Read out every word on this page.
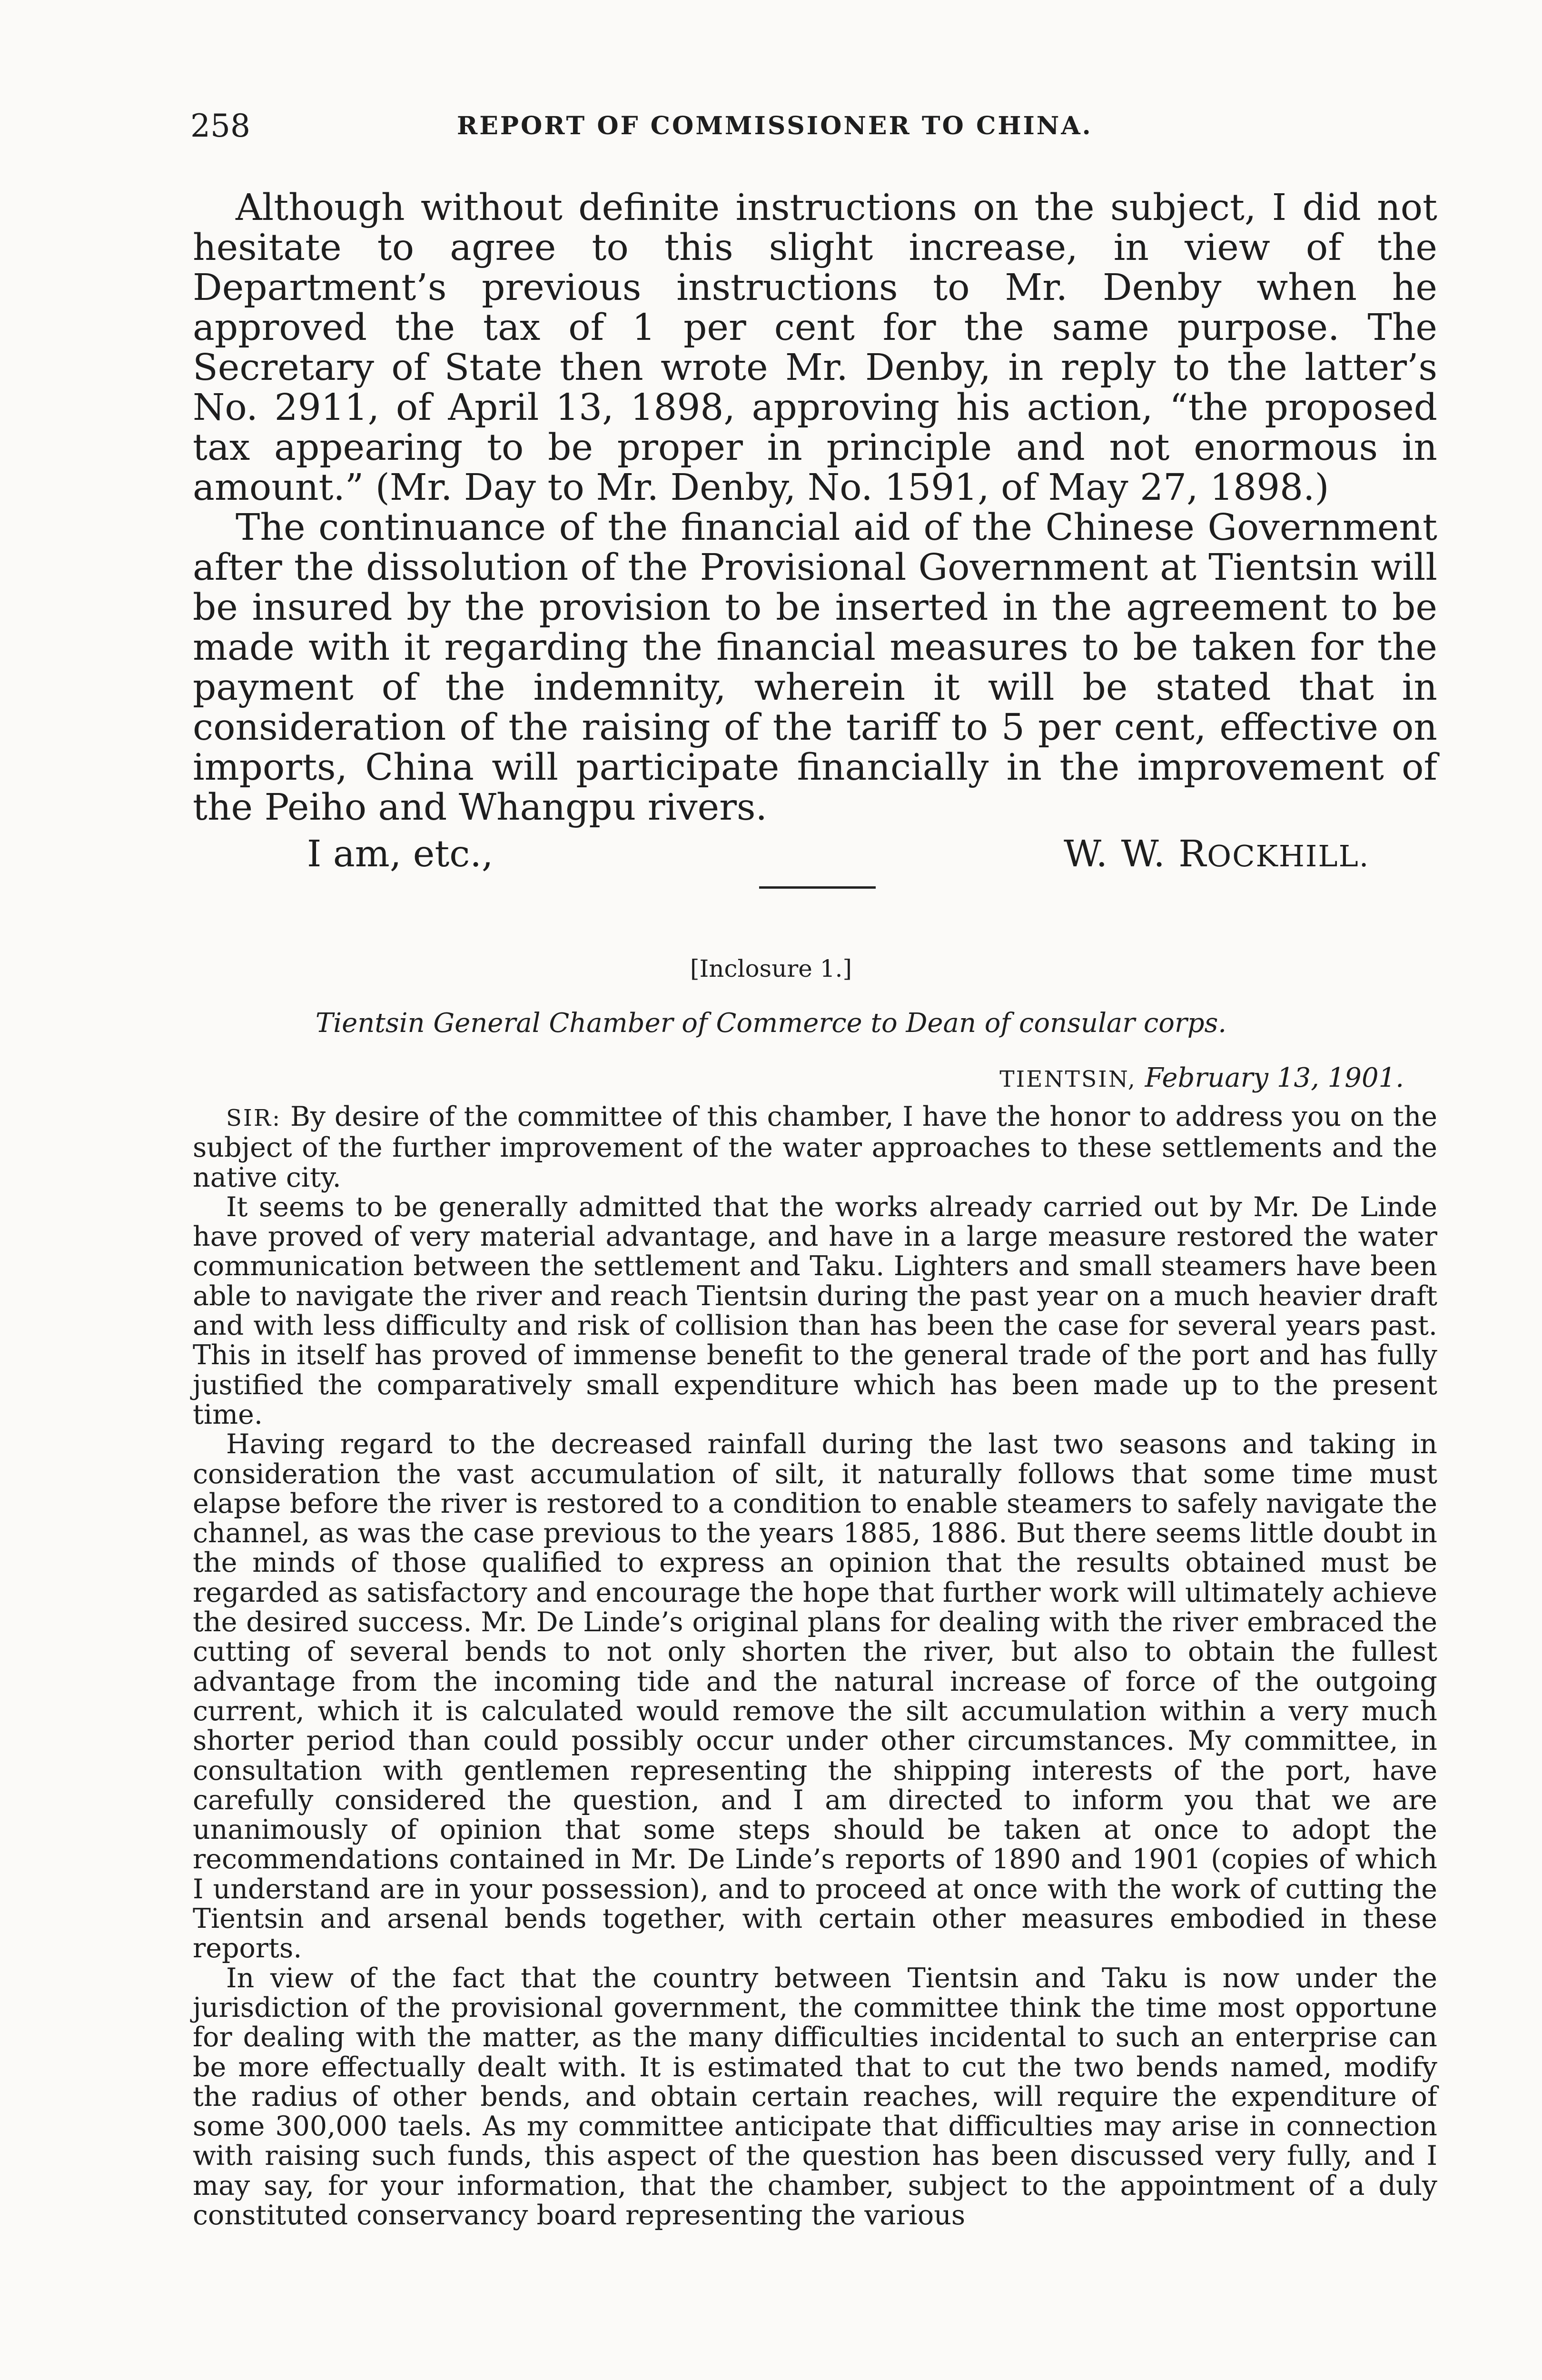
258	REPORT OF COMMISSIONER TO CHINA.

Although without definite instructions on the subject, I did not hesitate to agree to this slight increase, in view of the Department’s previous instructions to Mr. Denby when he approved the tax of 1 per cent for the same purpose. The Secretary of State then wrote Mr. Denby, in reply to the latter’s No. 2911, of April 13, 1898, approving his action, “the proposed tax appearing to be proper in principle and not enormous in amount.” (Mr. Day to Mr. Denby, No. 1591, of May 27, 1898.)

The continuance of the financial aid of the Chinese Government after the dissolution of the Provisional Government at Tientsin will be insured by the provision to be inserted in the agreement to be made with it regarding the financial measures to be taken for the payment of the indemnity, wherein it will be stated that in consideration of the raising of the tariff to 5 per cent, effective on imports, China will participate financially in the improvement of the Peiho and Whangpu rivers.

I am, etc.,	W. W. ROCKHILL.
[Inclosure 1.]
Tientsin General Chamber of Commerce to Dean of consular corps.
TIENTSIN, February 13, 1901.

SIR: By desire of the committee of this chamber, I have the honor to address you on the subject of the further improvement of the water approaches to these settlements and the native city.

It seems to be generally admitted that the works already carried out by Mr. De Linde have proved of very material advantage, and have in a large measure restored the water communication between the settlement and Taku. Lighters and small steamers have been able to navigate the river and reach Tientsin during the past year on a much heavier draft and with less difficulty and risk of collision than has been the case for several years past. This in itself has proved of immense benefit to the general trade of the port and has fully justified the comparatively small expenditure which has been made up to the present time.

Having regard to the decreased rainfall during the last two seasons and taking in consideration the vast accumulation of silt, it naturally follows that some time must elapse before the river is restored to a condition to enable steamers to safely navigate the channel, as was the case previous to the years 1885, 1886. But there seems little doubt in the minds of those qualified to express an opinion that the results obtained must be regarded as satisfactory and encourage the hope that further work will ultimately achieve the desired success. Mr. De Linde’s original plans for dealing with the river embraced the cutting of several bends to not only shorten the river, but also to obtain the fullest advantage from the incoming tide and the natural increase of force of the outgoing current, which it is calculated would remove the silt accumulation within a very much shorter period than could possibly occur under other circumstances. My committee, in consultation with gentlemen representing the shipping interests of the port, have carefully considered the question, and I am directed to inform you that we are unanimously of opinion that some steps should be taken at once to adopt the recommendations contained in Mr. De Linde’s reports of 1890 and 1901 (copies of which I understand are in your possession), and to proceed at once with the work of cutting the Tientsin and arsenal bends together, with certain other measures embodied in these reports.

In view of the fact that the country between Tientsin and Taku is now under the jurisdiction of the provisional government, the committee think the time most opportune for dealing with the matter, as the many difficulties incidental to such an enterprise can be more effectually dealt with. It is estimated that to cut the two bends named, modify the radius of other bends, and obtain certain reaches, will require the expenditure of some 300,000 taels. As my committee anticipate that difficulties may arise in connection with raising such funds, this aspect of the question has been discussed very fully, and I may say, for your information, that the chamber, subject to the appointment of a duly constituted conservancy board representing the various
